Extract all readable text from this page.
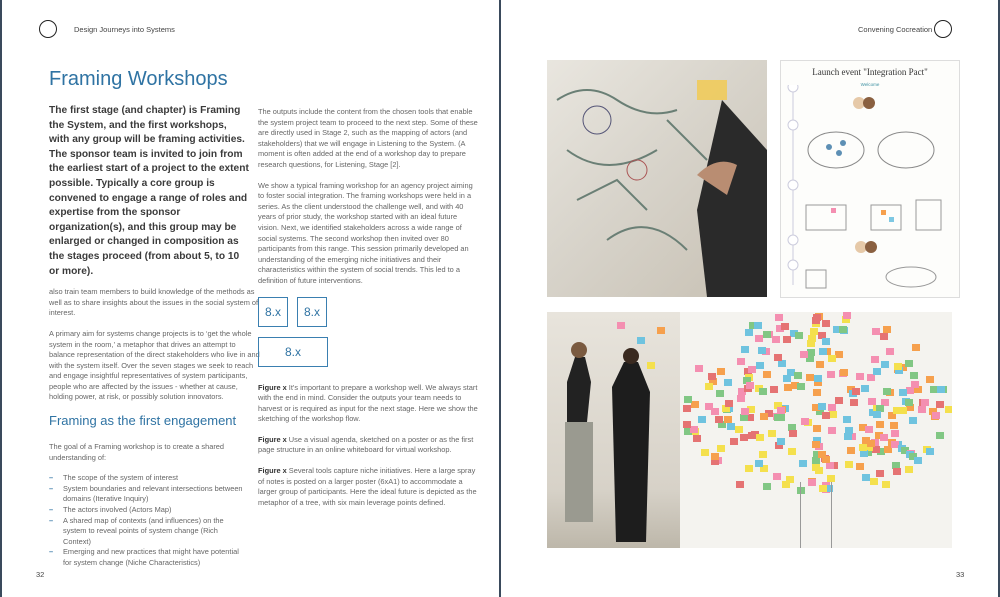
Design Journeys into Systems
Framing Workshops
The first stage (and chapter) is Framing the System, and the first workshops, with any group will be framing activities. The sponsor team is invited to join from the earliest start of a project to the extent possible. Typically a core group is convened to engage a range of roles and expertise from the sponsor organization(s), and this group may be enlarged or changed in composition as the stages proceed (from about 5, to 10 or more).

also train team members to build knowledge of the methods as well as to share insights about the issues in the social system of interest.

A primary aim for systems change projects is to ‘get the whole system in the room,’ a metaphor that drives an attempt to balance representation of the direct stakeholders who live in and with the system itself. Over the seven stages we seek to reach and engage insightful representatives of system participants, people who are affected by the issues - whether at cause, holding power, at risk, or possibly solution innovators.

Framing as the first engagement
The goal of a Framing workshop is to create a shared understanding of:
– The scope of the system of interest
– System boundaries and relevant intersections between domains (Iterative Inquiry)
– The actors involved (Actors Map)
– A shared map of contexts (and influences) on the system to reveal points of system change (Rich Context)
– Emerging and new practices that might have potential for system change (Niche Characteristics)

The outputs include the content from the chosen tools that enable the system project team to proceed to the next step. Some of these are directly used in Stage 2, such as the mapping of actors (and stakeholders) that we will engage in Listening to the System. (A moment is often added at the end of a workshop day to prepare research questions, for Listening, Stage [2].

We show a typical framing workshop for an agency project aiming to foster social integration. The framing workshops were held in a series. As the client understood the challenge well, and with 40 years of prior study, the workshop started with an ideal future vision. Next, we identified stakeholders across a wide range of social systems. The second workshop then invited over 80 participants from this range. This session primarily developed an understanding of the emerging niche initiatives and their characteristics within the system of social trends. This led to a definition of future interventions.

8.x	8.x
8.x

Figure x It's important to prepare a workshop well. We always start with the end in mind. Consider the outputs your team needs to harvest or is required as input for the next stage. Here we show the sketching of the workshop flow.

Figure x Use a visual agenda, sketched on a poster or as the first page structure in an online whiteboard for virtual workshop.

Figure x Several tools capture niche initiatives. Here a large spray of notes is posted on a larger poster (6xA1) to accommodate a larger group of participants. Here the ideal future is depicted as the metaphor of a tree, with six main leverage points defined.

32
Convening Cocreation
Launch event "Integration Pact"
Welcome
33
